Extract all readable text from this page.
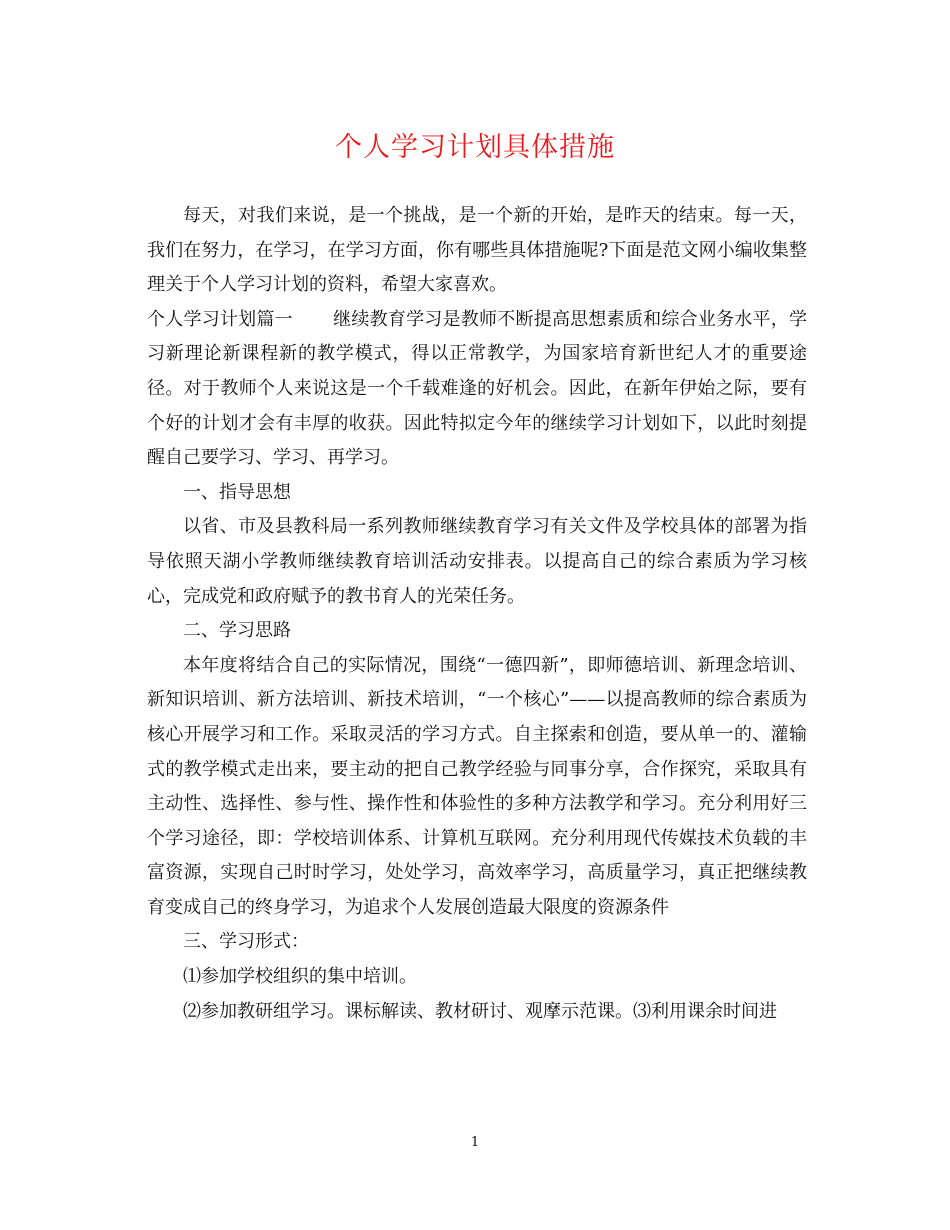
个人学习计划具体措施

每天，对我们来说，是一个挑战，是一个新的开始，是昨天的结束。每一天，我们在努力，在学习，在学习方面，你有哪些具体措施呢?下面是范文网小编收集整理关于个人学习计划的资料，希望大家喜欢。

个人学习计划篇一 继续教育学习是教师不断提高思想素质和综合业务水平，学习新理论新课程新的教学模式，得以正常教学，为国家培育新世纪人才的重要途径。对于教师个人来说这是一个千载难逢的好机会。因此，在新年伊始之际，要有个好的计划才会有丰厚的收获。因此特拟定今年的继续学习计划如下，以此时刻提醒自己要学习、学习、再学习。

一、指导思想

以省、市及县教科局一系列教师继续教育学习有关文件及学校具体的部署为指导依照天湖小学教师继续教育培训活动安排表。以提高自己的综合素质为学习核心，完成党和政府赋予的教书育人的光荣任务。

二、学习思路

本年度将结合自己的实际情况，围绕“一德四新”，即师德培训、新理念培训、新知识培训、新方法培训、新技术培训，“一个核心”——以提高教师的综合素质为核心开展学习和工作。采取灵活的学习方式。自主探索和创造，要从单一的、灌输式的教学模式走出来，要主动的把自己教学经验与同事分享，合作探究，采取具有主动性、选择性、参与性、操作性和体验性的多种方法教学和学习。充分利用好三个学习途径，即：学校培训体系、计算机互联网。充分利用现代传媒技术负载的丰富资源，实现自己时时学习，处处学习，高效率学习，高质量学习，真正把继续教育变成自己的终身学习，为追求个人发展创造最大限度的资源条件

三、学习形式：

⑴参加学校组织的集中培训。

⑵参加教研组学习。课标解读、教材研讨、观摩示范课。⑶利用课余时间进

1
